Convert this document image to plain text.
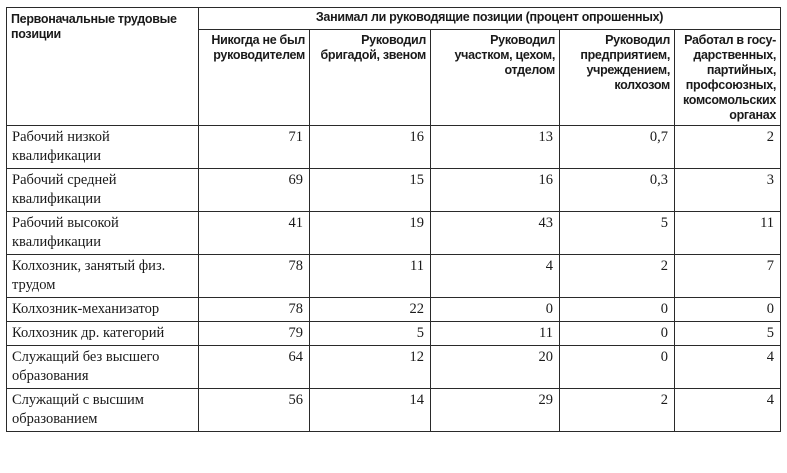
Первоначальные трудовые позиции	Занимал ли руководящие позиции (процент опрошенных)				
	Никогда не был руководителем	Руководил бригадой, звеном	Руководил участком, цехом, отделом	Руководил предприятием, учреждением, колхозом	Работал в госу- дарственных, партийных, профсоюзных, комсомольских органах
Рабочий низкой квалификации	71	16	13	0,7	2
Рабочий средней квалификации	69	15	16	0,3	3
Рабочий высокой квалификации	41	19	43	5	11
Колхозник, занятый физ. трудом	78	11	4	2	7
Колхозник-механизатор	78	22	0	0	0
Колхозник др. категорий	79	5	11	0	5
Служащий без высшего образования	64	12	20	0	4
Служащий с высшим образованием	56	14	29	2	4
